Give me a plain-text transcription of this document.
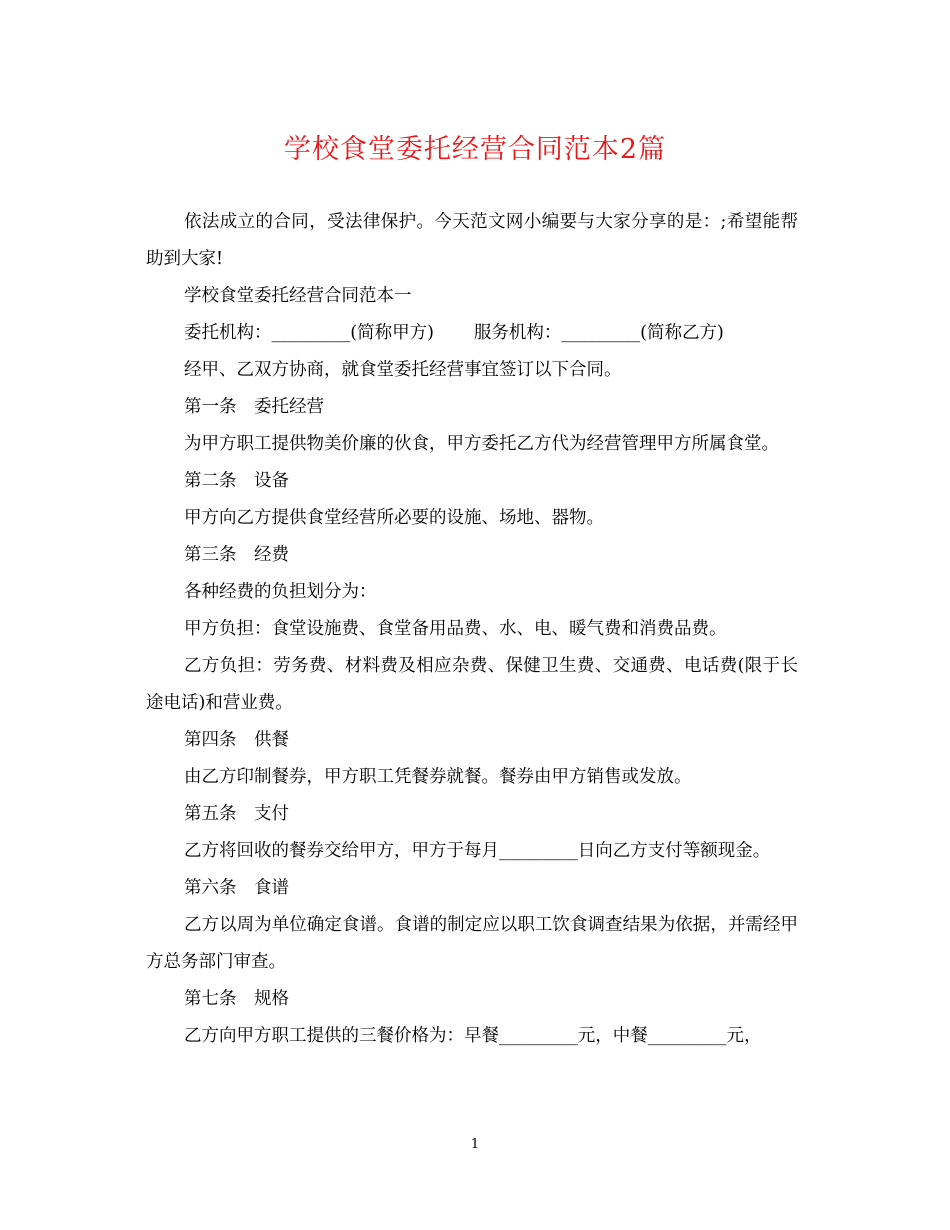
学校食堂委托经营合同范本2篇

依法成立的合同，受法律保护。今天范文网小编要与大家分享的是：;希望能帮助到大家!

学校食堂委托经营合同范本一

委托机构：_________(简称甲方) 服务机构：_________(简称乙方)

经甲、乙双方协商，就食堂委托经营事宜签订以下合同。

第一条　委托经营

为甲方职工提供物美价廉的伙食，甲方委托乙方代为经营管理甲方所属食堂。

第二条　设备

甲方向乙方提供食堂经营所必要的设施、场地、器物。

第三条　经费

各种经费的负担划分为：

甲方负担：食堂设施费、食堂备用品费、水、电、暖气费和消费品费。

乙方负担：劳务费、材料费及相应杂费、保健卫生费、交通费、电话费(限于长途电话)和营业费。

第四条　供餐

由乙方印制餐券，甲方职工凭餐券就餐。餐券由甲方销售或发放。

第五条　支付

乙方将回收的餐券交给甲方，甲方于每月_________日向乙方支付等额现金。

第六条　食谱

乙方以周为单位确定食谱。食谱的制定应以职工饮食调查结果为依据，并需经甲方总务部门审查。

第七条　规格

乙方向甲方职工提供的三餐价格为：早餐_________元，中餐_________元，

1
